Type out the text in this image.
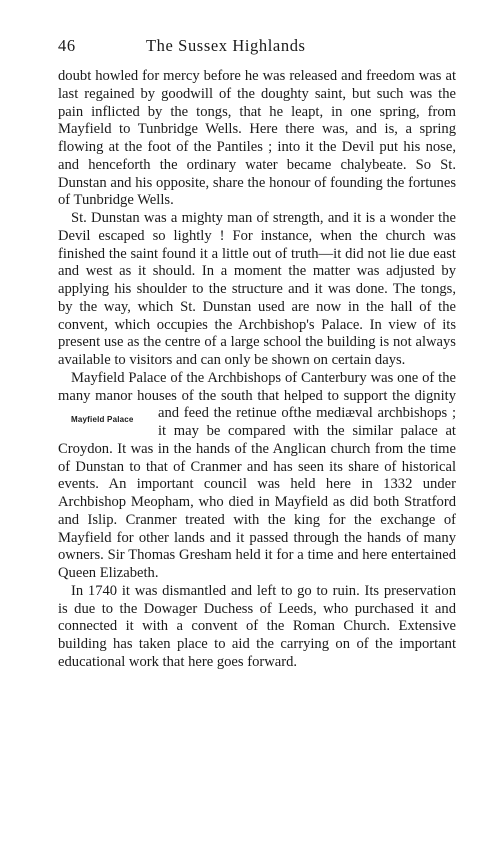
46	The Sussex Highlands

doubt howled for mercy before he was released and freedom was at last regained by goodwill of the doughty saint, but such was the pain inflicted by the tongs, that he leapt, in one spring, from Mayfield to Tunbridge Wells. Here there was, and is, a spring flowing at the foot of the Pantiles ; into it the Devil put his nose, and henceforth the ordinary water became chalybeate. So St. Dunstan and his opposite, share the honour of founding the fortunes of Tunbridge Wells.

St. Dunstan was a mighty man of strength, and it is a wonder the Devil escaped so lightly ! For instance, when the church was finished the saint found it a little out of truth—it did not lie due east and west as it should. In a moment the matter was adjusted by applying his shoulder to the structure and it was done. The tongs, by the way, which St. Dunstan used are now in the hall of the convent, which occupies the Archbishop's Palace. In view of its present use as the centre of a large school the building is not always available to visitors and can only be shown on certain days.

Mayfield Palace of the Archbishops of Canterbury was one of the many manor houses of the south that helped to support the dignity and feed the retinue of
Mayfield Palace	the mediæval archbishops ; it may be compared with the similar palace at Croydon. It was in the hands of the Anglican church from the time of Dunstan to that of Cranmer and has seen its share of historical events. An important council was held here in 1332 under Archbishop Meopham, who died in Mayfield as did both Stratford and Islip. Cranmer treated with the king for the exchange of Mayfield for other lands and it passed through the hands of many owners. Sir Thomas Gresham held it for a time and here entertained Queen Elizabeth.

In 1740 it was dismantled and left to go to ruin. Its preservation is due to the Dowager Duchess of Leeds, who purchased it and connected it with a convent of the Roman Church. Extensive building has taken place to aid the carrying on of the important educational work that here goes forward.
